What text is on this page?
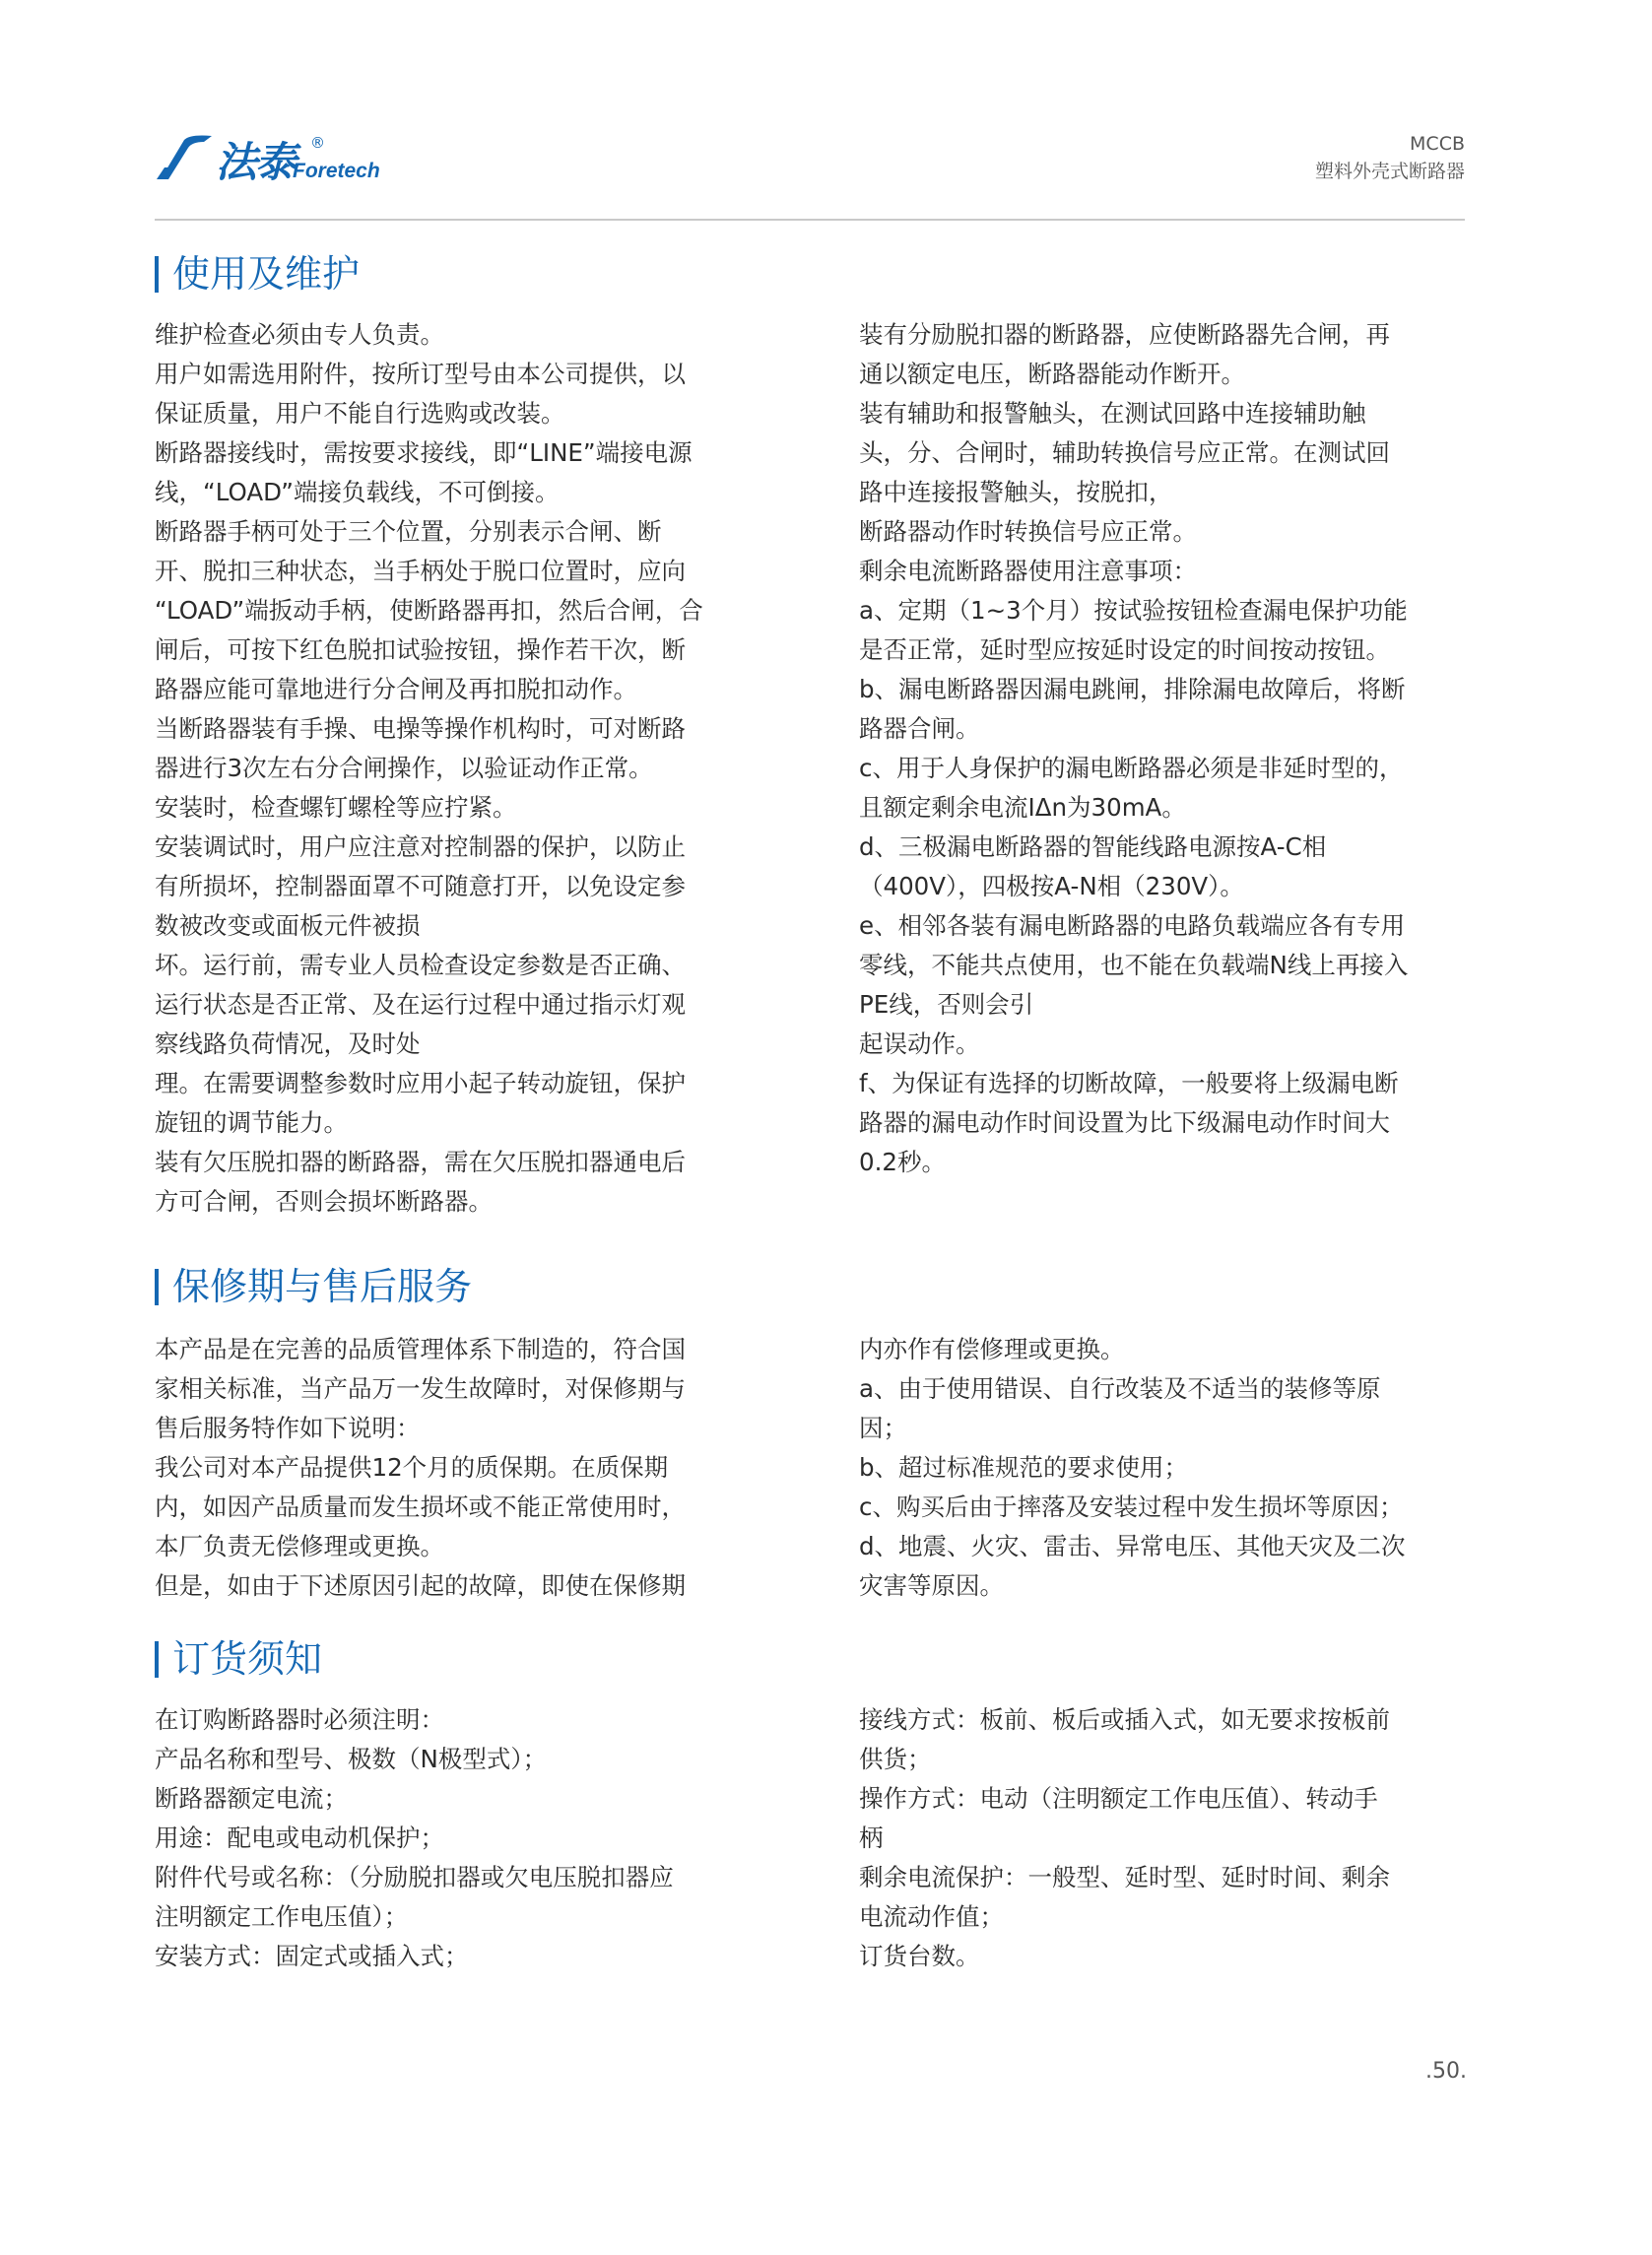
法泰 ®
Foretech
MCCB
塑料外壳式断路器
使用及维护

维护检查必须由专人负责。

用户如需选用附件，按所订型号由本公司提供，以

保证质量，用户不能自行选购或改装。

断路器接线时，需按要求接线，即“LINE”端接电源

线，“LOAD”端接负载线，不可倒接。

断路器手柄可处于三个位置，分别表示合闸、断

开、脱扣三种状态，当手柄处于脱口位置时，应向

“LOAD”端扳动手柄，使断路器再扣，然后合闸，合

闸后，可按下红色脱扣试验按钮，操作若干次，断

路器应能可靠地进行分合闸及再扣脱扣动作。

当断路器装有手操、电操等操作机构时，可对断路

器进行3次左右分合闸操作，以验证动作正常。

安装时，检查螺钉螺栓等应拧紧。

安装调试时，用户应注意对控制器的保护，以防止

有所损坏，控制器面罩不可随意打开，以免设定参

数被改变或面板元件被损

坏。运行前，需专业人员检查设定参数是否正确、

运行状态是否正常、及在运行过程中通过指示灯观

察线路负荷情况，及时处

理。在需要调整参数时应用小起子转动旋钮，保护

旋钮的调节能力。

装有欠压脱扣器的断路器，需在欠压脱扣器通电后

方可合闸，否则会损坏断路器。

装有分励脱扣器的断路器，应使断路器先合闸，再

通以额定电压，断路器能动作断开。

装有辅助和报警触头，在测试回路中连接辅助触

头，分、合闸时，辅助转换信号应正常。在测试回

路中连接报警触头，按脱扣，

断路器动作时转换信号应正常。

剩余电流断路器使用注意事项：

a、定期（1~3个月）按试验按钮检查漏电保护功能

是否正常，延时型应按延时设定的时间按动按钮。

b、漏电断路器因漏电跳闸，排除漏电故障后，将断

路器合闸。

c、用于人身保护的漏电断路器必须是非延时型的，

且额定剩余电流IΔn为30mA。

d、三极漏电断路器的智能线路电源按A-C相

（400V），四极按A-N相（230V）。

e、相邻各装有漏电断路器的电路负载端应各有专用

零线，不能共点使用，也不能在负载端N线上再接入

PE线，否则会引

起误动作。

f、为保证有选择的切断故障，一般要将上级漏电断

路器的漏电动作时间设置为比下级漏电动作时间大

0.2秒。

保修期与售后服务

本产品是在完善的品质管理体系下制造的，符合国

家相关标准，当产品万一发生故障时，对保修期与

售后服务特作如下说明：

我公司对本产品提供12个月的质保期。在质保期

内，如因产品质量而发生损坏或不能正常使用时，

本厂负责无偿修理或更换。

但是，如由于下述原因引起的故障，即使在保修期

内亦作有偿修理或更换。

a、由于使用错误、自行改装及不适当的装修等原

因；

b、超过标准规范的要求使用；

c、购买后由于摔落及安装过程中发生损坏等原因；

d、地震、火灾、雷击、异常电压、其他天灾及二次

灾害等原因。

订货须知

在订购断路器时必须注明：

产品名称和型号、极数（N极型式）；

断路器额定电流；

用途：配电或电动机保护；

附件代号或名称：（分励脱扣器或欠电压脱扣器应

注明额定工作电压值）；

安装方式：固定式或插入式；

接线方式：板前、板后或插入式，如无要求按板前

供货；

操作方式：电动（注明额定工作电压值）、转动手

柄

剩余电流保护：一般型、延时型、延时时间、剩余

电流动作值；

订货台数。

.50.
